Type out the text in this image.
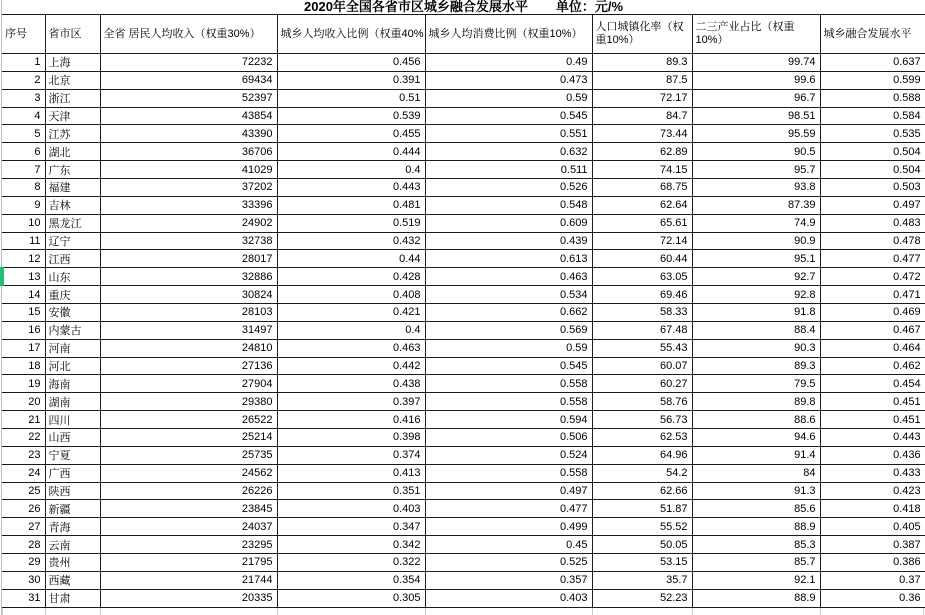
2020年全国各省市区城乡融合发展水平 单位：元/%							
序号	省市区	全省 居民人均收入（权重30%）	城乡人均收入比例（权重40%	城乡人均消费比例（权重10%）	人口城镇化率（权重10%）	二三产业占比（权重10%）	城乡融合发展水平
1	上海	72232	0.456	0.49	89.3	99.74	0.637
2	北京	69434	0.391	0.473	87.5	99.6	0.599
3	浙江	52397	0.51	0.59	72.17	96.7	0.588
4	天津	43854	0.539	0.545	84.7	98.51	0.584
5	江苏	43390	0.455	0.551	73.44	95.59	0.535
6	湖北	36706	0.444	0.632	62.89	90.5	0.504
7	广东	41029	0.4	0.511	74.15	95.7	0.504
8	福建	37202	0.443	0.526	68.75	93.8	0.503
9	吉林	33396	0.481	0.548	62.64	87.39	0.497
10	黑龙江	24902	0.519	0.609	65.61	74.9	0.483
11	辽宁	32738	0.432	0.439	72.14	90.9	0.478
12	江西	28017	0.44	0.613	60.44	95.1	0.477
13	山东	32886	0.428	0.463	63.05	92.7	0.472
14	重庆	30824	0.408	0.534	69.46	92.8	0.471
15	安徽	28103	0.421	0.662	58.33	91.8	0.469
16	内蒙古	31497	0.4	0.569	67.48	88.4	0.467
17	河南	24810	0.463	0.59	55.43	90.3	0.464
18	河北	27136	0.442	0.545	60.07	89.3	0.462
19	海南	27904	0.438	0.558	60.27	79.5	0.454
20	湖南	29380	0.397	0.558	58.76	89.8	0.451
21	四川	26522	0.416	0.594	56.73	88.6	0.451
22	山西	25214	0.398	0.506	62.53	94.6	0.443
23	宁夏	25735	0.374	0.524	64.96	91.4	0.436
24	广西	24562	0.413	0.558	54.2	84	0.433
25	陕西	26226	0.351	0.497	62.66	91.3	0.423
26	新疆	23845	0.403	0.477	51.87	85.6	0.418
27	青海	24037	0.347	0.499	55.52	88.9	0.405
28	云南	23295	0.342	0.45	50.05	85.3	0.387
29	贵州	21795	0.322	0.525	53.15	85.7	0.386
30	西藏	21744	0.354	0.357	35.7	92.1	0.37
31	甘肃	20335	0.305	0.403	52.23	88.9	0.36
